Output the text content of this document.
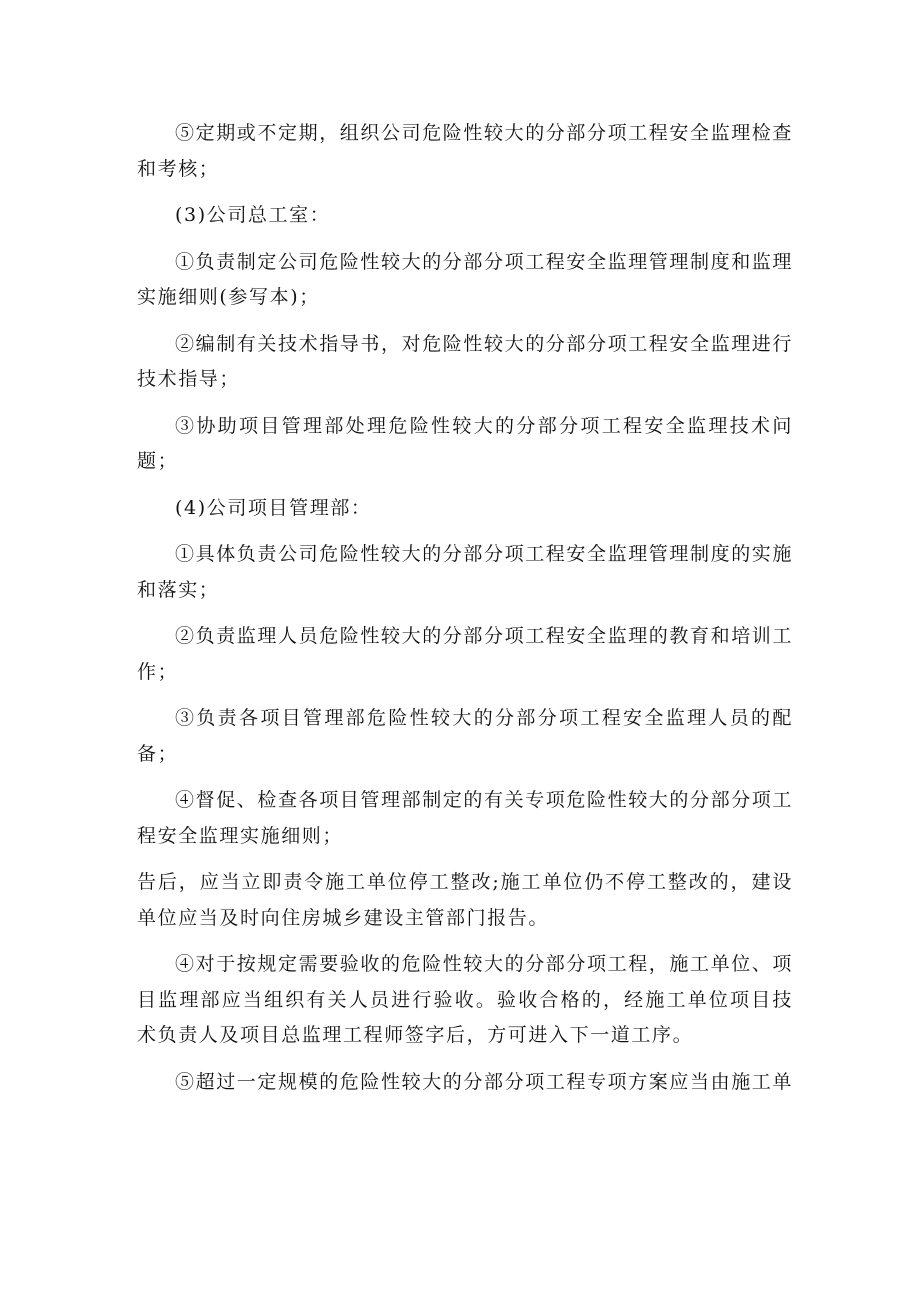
⑤定期或不定期，组织公司危险性较大的分部分项工程安全监理检查和考核；

(3)公司总工室：

①负责制定公司危险性较大的分部分项工程安全监理管理制度和监理实施细则(参写本)；

②编制有关技术指导书，对危险性较大的分部分项工程安全监理进行技术指导；

③协助项目管理部处理危险性较大的分部分项工程安全监理技术问题；

(4)公司项目管理部：

①具体负责公司危险性较大的分部分项工程安全监理管理制度的实施和落实；

②负责监理人员危险性较大的分部分项工程安全监理的教育和培训工作；

③负责各项目管理部危险性较大的分部分项工程安全监理人员的配备；

④督促、检查各项目管理部制定的有关专项危险性较大的分部分项工程安全监理实施细则；

告后，应当立即责令施工单位停工整改;施工单位仍不停工整改的，建设单位应当及时向住房城乡建设主管部门报告。

④对于按规定需要验收的危险性较大的分部分项工程，施工单位、项目监理部应当组织有关人员进行验收。验收合格的，经施工单位项目技术负责人及项目总监理工程师签字后，方可进入下一道工序。

⑤超过一定规模的危险性较大的分部分项工程专项方案应当由施工单
